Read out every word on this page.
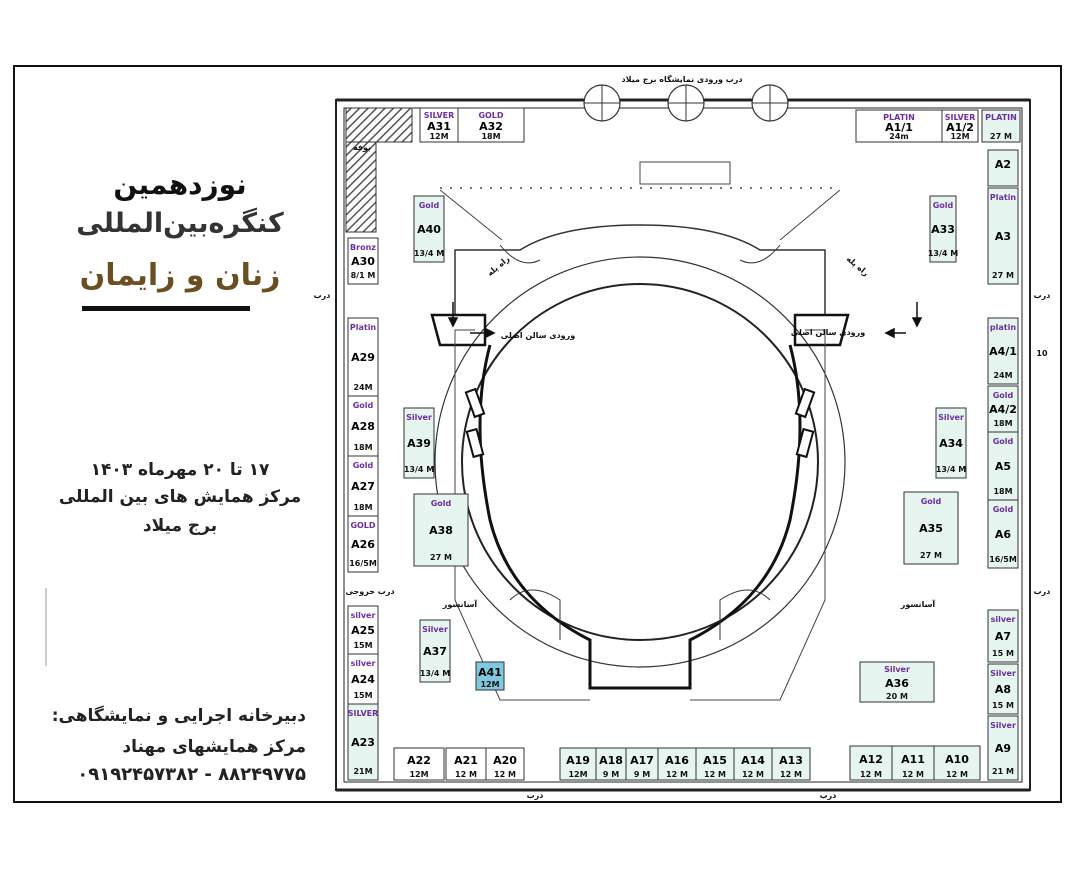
نوزدهمین
کنگره‌بین‌المللی
زنان و زایمان
۱۷ تا ۲۰ مهرماه ۱۴۰۳
مرکز همایش های بین المللی
برج میلاد
دبیرخانه اجرایی و نمایشگاهی:
مرکز همایشهای مهناد
۸۸۲۴۹۷۷۵ - ۰۹۱۹۲۴۵۷۳۸۲
درب ورودی نمایشگاه برج میلاد
بوفه
ورودی سالن اصلی	ورودی سالن اصلی
راه پله	راه پله
آسانسور	آسانسور
درب خروجی
درب	درب
درب
درب	درب
10
SILVER
A31
12M
GOLD
A32
18M
PLATIN
A1/1
24m
SILVER
A1/2
12M
PLATIN
27 M
A2
Platin
A3
27 M
Bronz
A30
8/1 M
Gold
A40
13/4 M
Gold
A33
13/4 M
Platin
A29
24M
Gold
A28
18M
Gold
A27
18M
GOLD
A26
16/5M
Silver
A39
13/4 M
Silver
A34
13/4 M
Gold
A38
27 M
Gold
A35
27 M
platin
A4/1
24M
Gold
A4/2
18M
Gold
A5
18M
Gold
A6
16/5M
silver
A25
15M
silver
A24
15M
SILVER
A23
21M
Silver
A37
13/4 M	A41
12M
Silver
A36
20 M
silver
A7
15 M
Silver
A8
15 M
Silver
A9
21 M
A22
12M
A21
12 M
A20
12 M
A19
12M
A18
9 M
A17
9 M
A16
12 M
A15
12 M
A14
12 M
A13
12 M
A12
12 M
A11
12 M
A10
12 M
